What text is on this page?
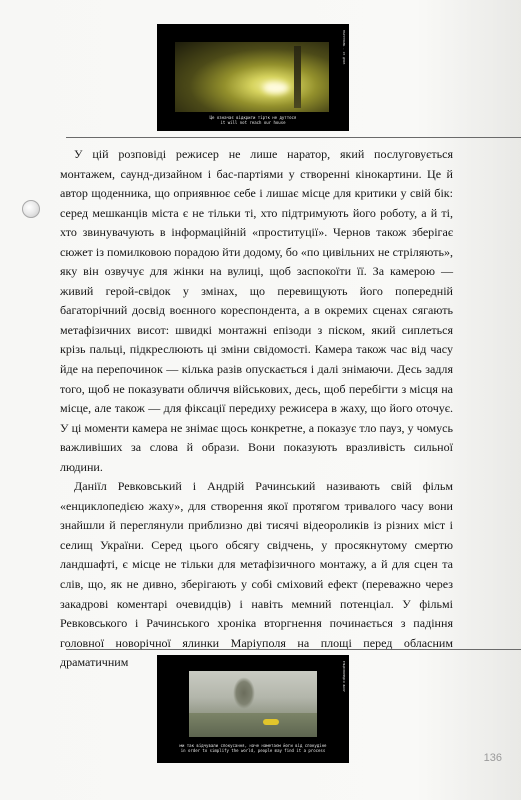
МАРІУПОЛЬ · 20 ДНІВ
Це означає відкрити тiртк не дуттося
it will not reach our house

У цій розповіді режисер не лише наратор, який послуговується монтажем, саунд-дизайном і бас-партіями у створенні кінокартини. Це й автор щоденника, що оприявнює себе і лишає місце для критики у свій бік: серед мешканців міста є не тільки ті, хто підтримують його роботу, а й ті, хто звинувачують в інформаційній «проституції». Чернов також зберігає сюжет із помилковою порадою йти додому, бо «по цивільних не стріляють», яку він озвучує для жінки на вулиці, щоб заспокоїти її. За камерою — живий герой-свідок у змінах, що перевищують його попередній багаторічний досвід воєнного кореспондента, а в окремих сценах сягають метафізичних висот: швидкі монтажні епізоди з піском, який сиплеться крізь пальці, підкреслюють ці зміни свідомості. Камера також час від часу йде на перепочинок — кілька разів опускається і далі знімаючи. Десь задля того, щоб не показувати обличчя військових, десь, щоб перебігти з місця на місце, але також — для фіксації передиху режисера в жаху, що його оточує. У ці моменти камера не знімає щось конкретне, а показує тло пауз, у чомусь важливіших за слова й образи. Вони показують вразливість сильної людини.

Даніїл Ревковський і Андрій Рачинський називають свій фільм «енциклопедією жаху», для створення якої протягом тривалого часу вони знайшли й переглянули приблизно дві тисячі відеороликів із різних міст і селищ України. Серед цього обсягу свідчень, у просякнутому смертю ландшафті, є місце не тільки для метафізичного монтажу, а й для сцен та слів, що, як не дивно, зберігають у собі сміховий ефект (переважно через закадрові коментарі очевидців) і навіть мемний потенціал. У фільмі Ревковського і Рачинського хроніка вторгнення починається з падіння головної новорічної ялинки Маріуполя на площі перед обласним драматичним	ЕНЦИКЛОПЕДІЯ ЖАХУ
ми так відчували спокусання, наче наметаєм йоги від спокудіне
in order to simplify the world, people may find it a process
136
